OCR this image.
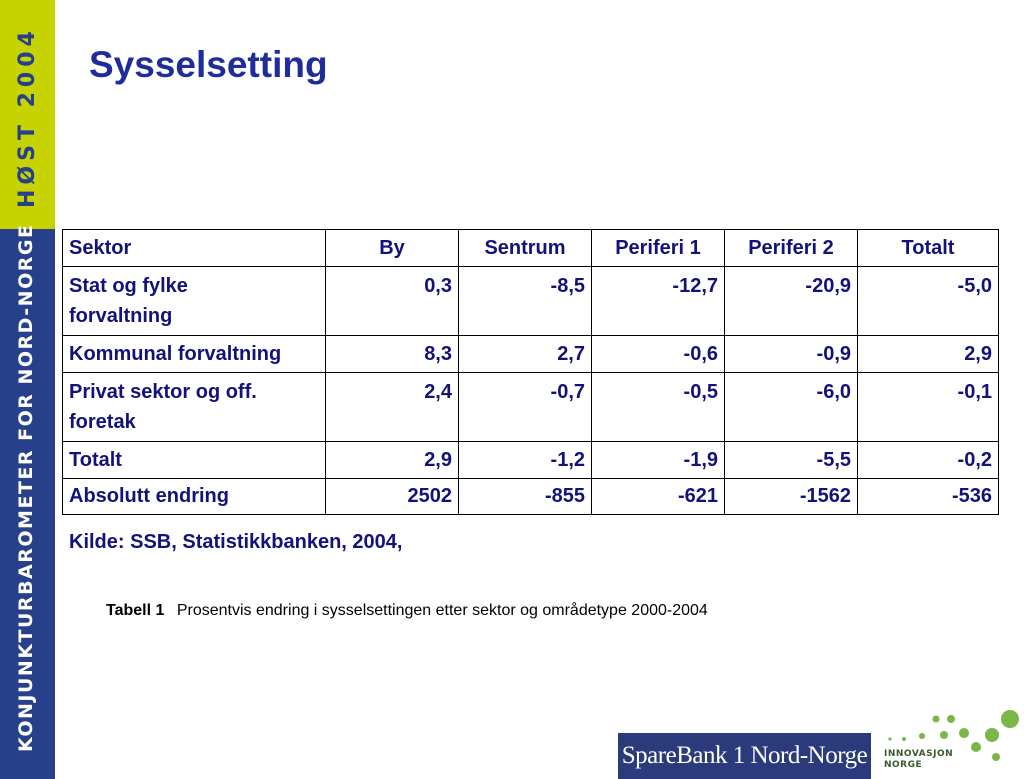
HØST 2004
KONJUNKTURBAROMETER FOR NORD-NORGE
Sysselsetting
Sektor	By	Sentrum	Periferi 1	Periferi 2	Totalt

Stat og fylke
forvaltning	0,3	-8,5	-12,7	-20,9	-5,0
Kommunal forvaltning	8,3	2,7	-0,6	-0,9	2,9

Privat sektor og off.
foretak	2,4	-0,7	-0,5	-6,0	-0,1
Totalt	2,9	-1,2	-1,9	-5,5	-0,2
Absolutt endring	2502	-855	-621	-1562	-536
Kilde: SSB, Statistikkbanken, 2004,
Tabell 1 Prosentvis endring i sysselsettingen etter sektor og områdetype 2000-2004
SpareBank 1 Nord-Norge	INNOVASJON
NORGE
